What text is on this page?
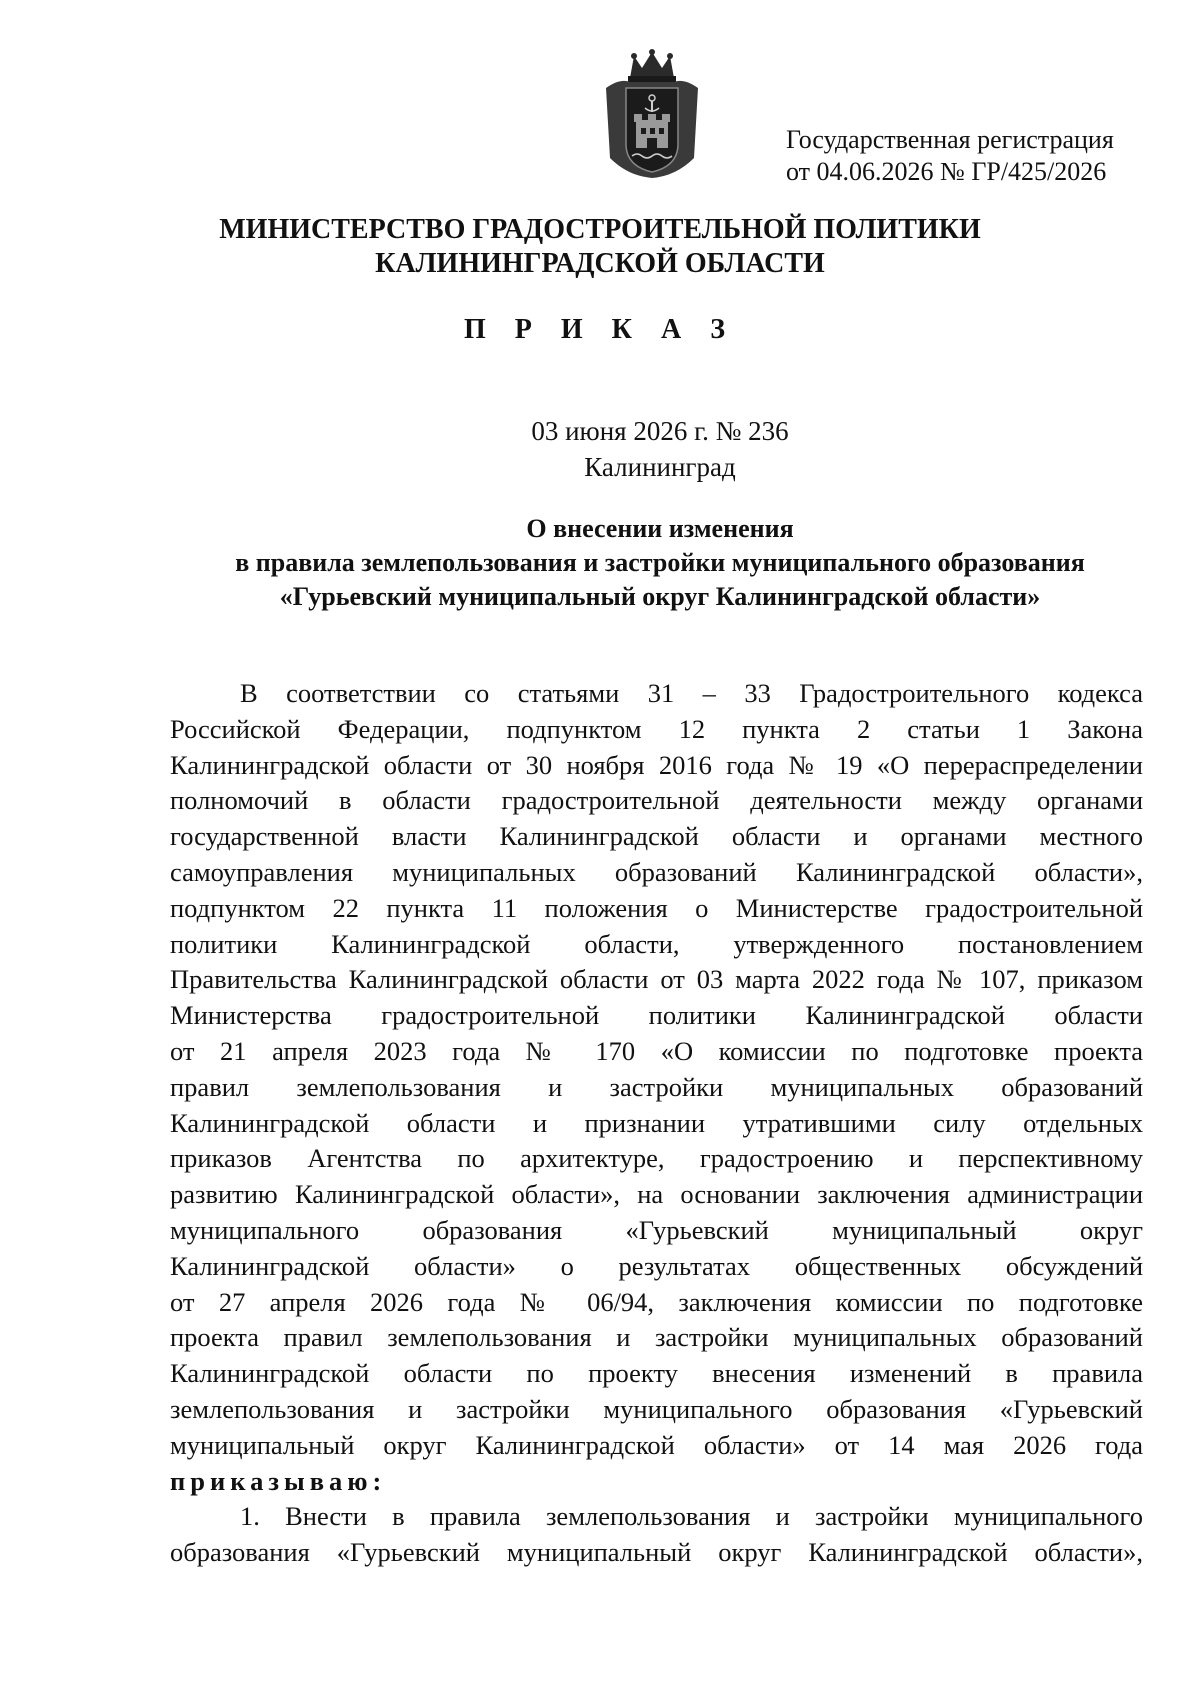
Государственная регистрация
от 04.06.2026 № ГР/425/2026
МИНИСТЕРСТВО ГРАДОСТРОИТЕЛЬНОЙ ПОЛИТИКИ
КАЛИНИНГРАДСКОЙ ОБЛАСТИ
П Р И К А З
03 июня 2026 г. № 236
Калининград
О внесении изменения
в правила землепользования и застройки муниципального образования
«Гурьевский муниципальный округ Калининградской области»
В соответствии со статьями 31 – 33 Градостроительного кодекса
Российской Федерации, подпунктом 12 пункта 2 статьи 1 Закона
Калининградской области от 30 ноября 2016 года № 19 «О перераспределении
полномочий в области градостроительной деятельности между органами
государственной власти Калининградской области и органами местного
самоуправления муниципальных образований Калининградской области»,
подпунктом 22 пункта 11 положения о Министерстве градостроительной
политики Калининградской области, утвержденного постановлением
Правительства Калининградской области от 03 марта 2022 года № 107, приказом
Министерства градостроительной политики Калининградской области
от 21 апреля 2023 года № 170 «О комиссии по подготовке проекта
правил землепользования и застройки муниципальных образований
Калининградской области и признании утратившими силу отдельных
приказов Агентства по архитектуре, градостроению и перспективному
развитию Калининградской области», на основании заключения администрации
муниципального образования «Гурьевский муниципальный округ
Калининградской области» о результатах общественных обсуждений
от 27 апреля 2026 года № 06/94, заключения комиссии по подготовке
проекта правил землепользования и застройки муниципальных образований
Калининградской области по проекту внесения изменений в правила
землепользования и застройки муниципального образования «Гурьевский
муниципальный округ Калининградской области» от 14 мая 2026 года
приказываю:
1. Внести в правила землепользования и застройки муниципального
образования «Гурьевский муниципальный округ Калининградской области»,
